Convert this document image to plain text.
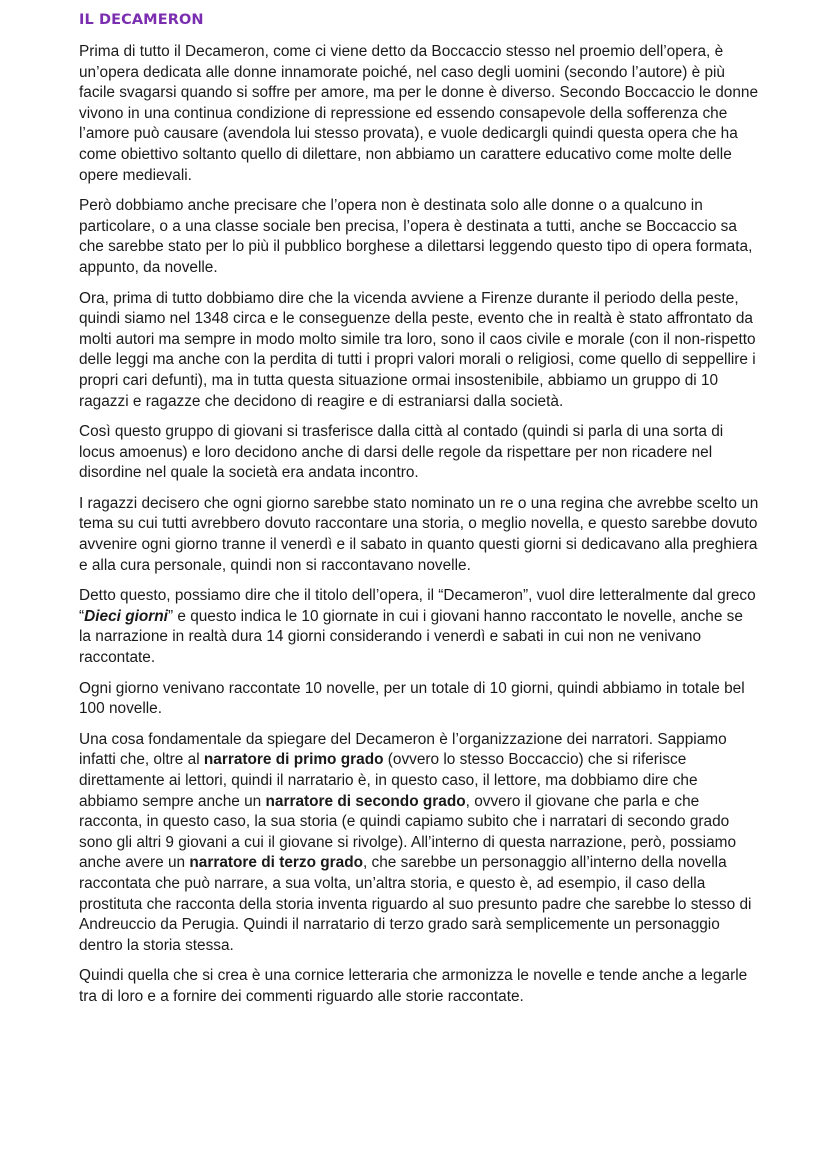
IL DECAMERON

Prima di tutto il Decameron, come ci viene detto da Boccaccio stesso nel proemio dell’opera, è un’opera dedicata alle donne innamorate poiché, nel caso degli uomini (secondo l’autore) è più facile svagarsi quando si soffre per amore, ma per le donne è diverso. Secondo Boccaccio le donne vivono in una continua condizione di repressione ed essendo consapevole della sofferenza che l’amore può causare (avendola lui stesso provata), e vuole dedicargli quindi questa opera che ha come obiettivo soltanto quello di dilettare, non abbiamo un carattere educativo come molte delle opere medievali.

Però dobbiamo anche precisare che l’opera non è destinata solo alle donne o a qualcuno in particolare, o a una classe sociale ben precisa, l’opera è destinata a tutti, anche se Boccaccio sa che sarebbe stato per lo più il pubblico borghese a dilettarsi leggendo questo tipo di opera formata, appunto, da novelle.

Ora, prima di tutto dobbiamo dire che la vicenda avviene a Firenze durante il periodo della peste, quindi siamo nel 1348 circa e le conseguenze della peste, evento che in realtà è stato affrontato da molti autori ma sempre in modo molto simile tra loro, sono il caos civile e morale (con il non-rispetto delle leggi ma anche con la perdita di tutti i propri valori morali o religiosi, come quello di seppellire i propri cari defunti), ma in tutta questa situazione ormai insostenibile, abbiamo un gruppo di 10 ragazzi e ragazze che decidono di reagire e di estraniarsi dalla società.

Così questo gruppo di giovani si trasferisce dalla città al contado (quindi si parla di una sorta di locus amoenus) e loro decidono anche di darsi delle regole da rispettare per non ricadere nel disordine nel quale la società era andata incontro.

I ragazzi decisero che ogni giorno sarebbe stato nominato un re o una regina che avrebbe scelto un tema su cui tutti avrebbero dovuto raccontare una storia, o meglio novella, e questo sarebbe dovuto avvenire ogni giorno tranne il venerdì e il sabato in quanto questi giorni si dedicavano alla preghiera e alla cura personale, quindi non si raccontavano novelle.

Detto questo, possiamo dire che il titolo dell’opera, il “Decameron”, vuol dire letteralmente dal greco “Dieci giorni” e questo indica le 10 giornate in cui i giovani hanno raccontato le novelle, anche se la narrazione in realtà dura 14 giorni considerando i venerdì e sabati in cui non ne venivano raccontate.

Ogni giorno venivano raccontate 10 novelle, per un totale di 10 giorni, quindi abbiamo in totale bel 100 novelle.

Una cosa fondamentale da spiegare del Decameron è l’organizzazione dei narratori. Sappiamo infatti che, oltre al narratore di primo grado (ovvero lo stesso Boccaccio) che si riferisce direttamente ai lettori, quindi il narratario è, in questo caso, il lettore, ma dobbiamo dire che abbiamo sempre anche un narratore di secondo grado, ovvero il giovane che parla e che racconta, in questo caso, la sua storia (e quindi capiamo subito che i narratari di secondo grado sono gli altri 9 giovani a cui il giovane si rivolge). All’interno di questa narrazione, però, possiamo anche avere un narratore di terzo grado, che sarebbe un personaggio all’interno della novella raccontata che può narrare, a sua volta, un’altra storia, e questo è, ad esempio, il caso della prostituta che racconta della storia inventa riguardo al suo presunto padre che sarebbe lo stesso di Andreuccio da Perugia. Quindi il narratario di terzo grado sarà semplicemente un personaggio dentro la storia stessa.

Quindi quella che si crea è una cornice letteraria che armonizza le novelle e tende anche a legarle tra di loro e a fornire dei commenti riguardo alle storie raccontate.
